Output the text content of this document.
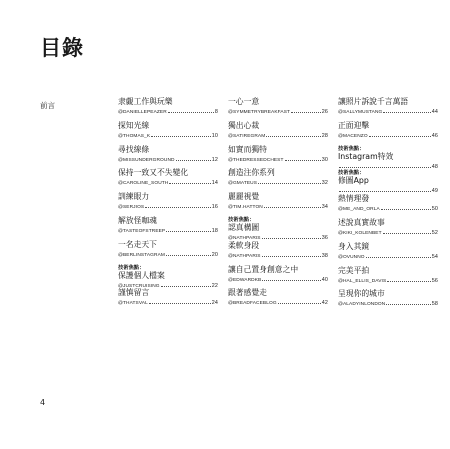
目錄
前言	隶覷工作與玩樂
@DANIELLEPEAZER	8
探知光線
@THOMAS_K	10
尋找線條
@MISSUNDERGROUND	12
保持一致又不失變化
@CAROLINE_SOUTH	14
訓練眼力
@SERJIOS	16
解放怪咖魂
@TASTEOFSTREEP	18
一名走天下
@BERLINSTAGRAM	20
技術焦點：
保護個人檔案
@JUSTCRUISING	22
謹慎留言
@THATSVAL	24
一心一意
@SYMMETRYBREAKFAST	26
獨出心裁
@SATIREGRAM	28
如實而獨特
@THEDRESSEDCHEST	30
創造注你系列
@GMATEUS	32
麗麗視覺
@TIM.HATTON	34
技術焦點：
認真構圖
@NATHPARIS	36
柔軟身段
@NATHPARIS	38
讓自己置身創意之中
@EDWARDKB	40
跟著感覺走
@BREADFACEBLOG	42
讓照片訴說千言萬語
@SALLYMUSTANG	44
正面迎擊
@MACENZO	46
技術焦點：
Instagram特效
48
技術焦點：
修圖App
49
熱情理發
@ME_AND_ORLA	50
述說真實故事
@KIKI_KOLENBET	52
身入其鏡
@OVUNNO	54
完美平拍
@HAL_ELLIS_DAVIS	56
呈現你的城市
@ALADYINLONDON	58
4
